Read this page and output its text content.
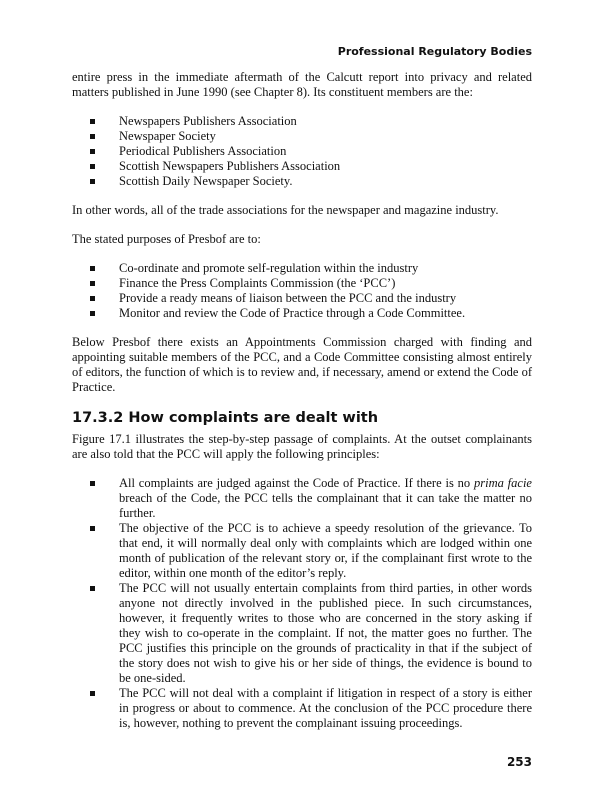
Professional Regulatory Bodies

entire press in the immediate aftermath of the Calcutt report into privacy and related matters published in June 1990 (see Chapter 8). Its constituent members are the:

Newspapers Publishers Association
Newspaper Society
Periodical Publishers Association
Scottish Newspapers Publishers Association
Scottish Daily Newspaper Society.

In other words, all of the trade associations for the newspaper and magazine industry.

The stated purposes of Presbof are to:

Co-ordinate and promote self-regulation within the industry
Finance the Press Complaints Commission (the ‘PCC’)
Provide a ready means of liaison between the PCC and the industry
Monitor and review the Code of Practice through a Code Committee.

Below Presbof there exists an Appointments Commission charged with finding and appointing suitable members of the PCC, and a Code Committee consisting almost entirely of editors, the function of which is to review and, if necessary, amend or extend the Code of Practice.

17.3.2 How complaints are dealt with

Figure 17.1 illustrates the step-by-step passage of complaints. At the outset complainants are also told that the PCC will apply the following principles:

All complaints are judged against the Code of Practice. If there is no prima facie breach of the Code, the PCC tells the complainant that it can take the matter no further.
The objective of the PCC is to achieve a speedy resolution of the grievance. To that end, it will normally deal only with complaints which are lodged within one month of publication of the relevant story or, if the complainant first wrote to the editor, within one month of the editor’s reply.
The PCC will not usually entertain complaints from third parties, in other words anyone not directly involved in the published piece. In such circumstances, however, it frequently writes to those who are concerned in the story asking if they wish to co-operate in the complaint. If not, the matter goes no further. The PCC justifies this principle on the grounds of practicality in that if the subject of the story does not wish to give his or her side of things, the evidence is bound to be one-sided.
The PCC will not deal with a complaint if litigation in respect of a story is either in progress or about to commence. At the conclusion of the PCC procedure there is, however, nothing to prevent the complainant issuing proceedings.
253
